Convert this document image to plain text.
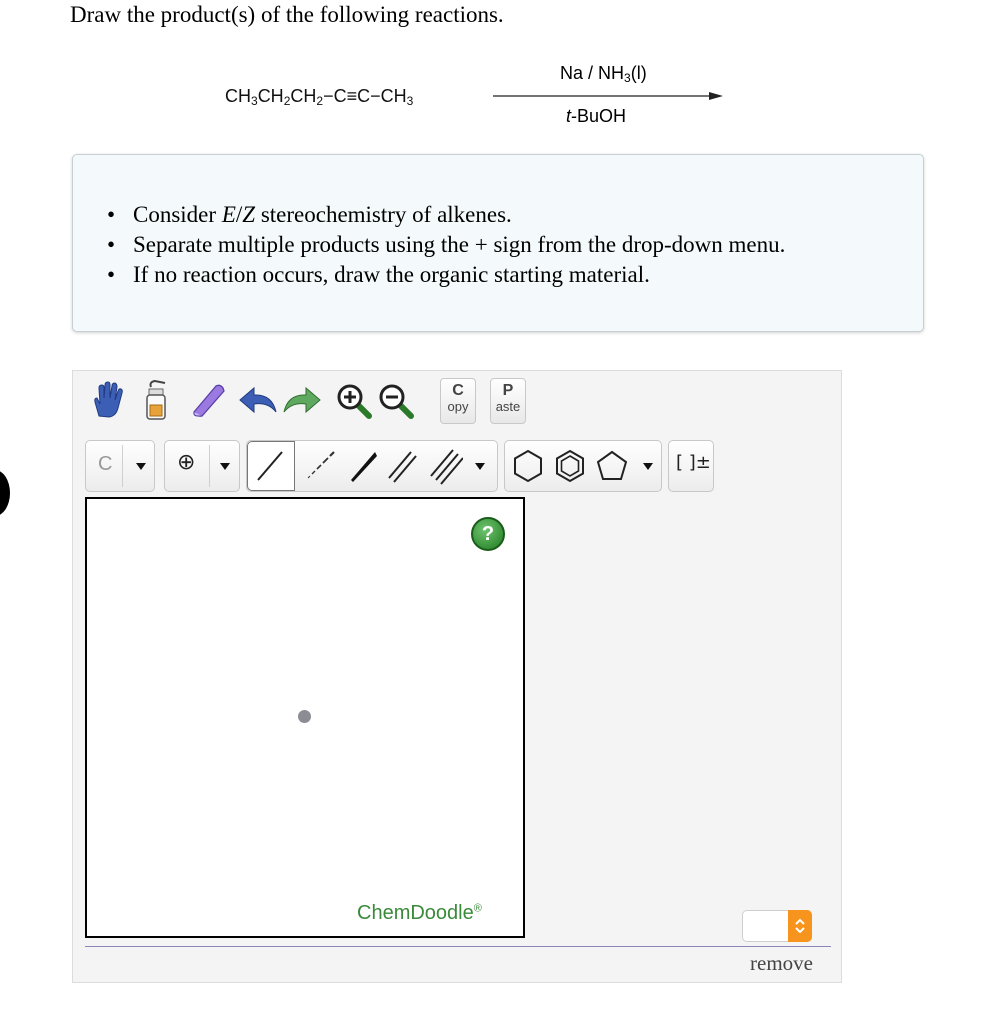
Draw the product(s) of the following reactions.
$CH_3CH_2CH_2-C\equiv C-CH_3$
Na / $NH_3(l)$
t-BuOH
• Consider E/Z stereochemistry of alkenes.
• Separate multiple products using the + sign from the drop-down menu.
• If no reaction occurs, draw the organic starting material.
C
opy
P
aste
C	⊕	[ ]±
?
ChemDoodle®
remove
